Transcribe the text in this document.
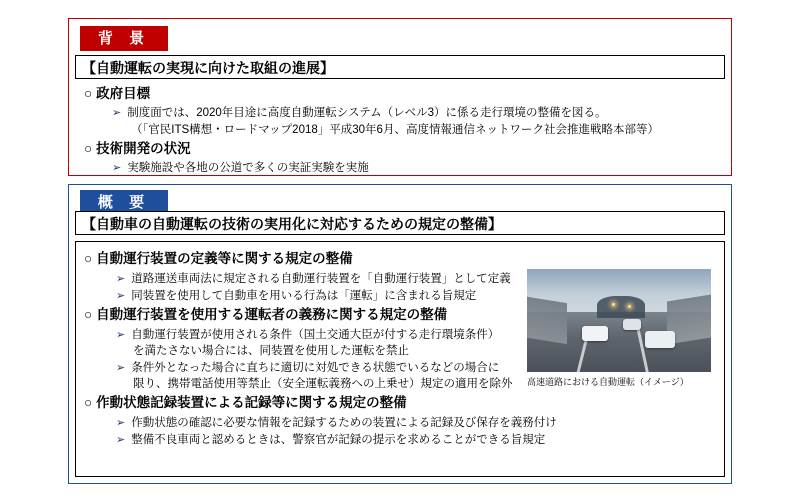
背 景
【自動運転の実現に向けた取組の進展】
○ 政府目標
➢ 制度面では、2020年目途に高度自動運転システム（レベル3）に係る走行環境の整備を図る。
（「官民ITS構想・ロードマップ2018」平成30年6月、高度情報通信ネットワーク社会推進戦略本部等）
○ 技術開発の状況
➢ 実験施設や各地の公道で多くの実証実験を実施
概 要
【自動車の自動運転の技術の実用化に対応するための規定の整備】
○ 自動運行装置の定義等に関する規定の整備
➢ 道路運送車両法に規定される自動運行装置を「自動運行装置」として定義
➢ 同装置を使用して自動車を用いる行為は「運転」に含まれる旨規定
○ 自動運行装置を使用する運転者の義務に関する規定の整備
➢ 自動運行装置が使用される条件（国土交通大臣が付する走行環境条件）
を満たさない場合には、同装置を使用した運転を禁止
➢ 条件外となった場合に直ちに適切に対処できる状態でいるなどの場合に
限り、携帯電話使用等禁止（安全運転義務への上乗せ）規定の適用を除外
○ 作動状態記録装置による記録等に関する規定の整備
➢ 作動状態の確認に必要な情報を記録するための装置による記録及び保存を義務付け
➢ 整備不良車両と認めるときは、警察官が記録の提示を求めることができる旨規定
高速道路における自動運転（イメージ）
